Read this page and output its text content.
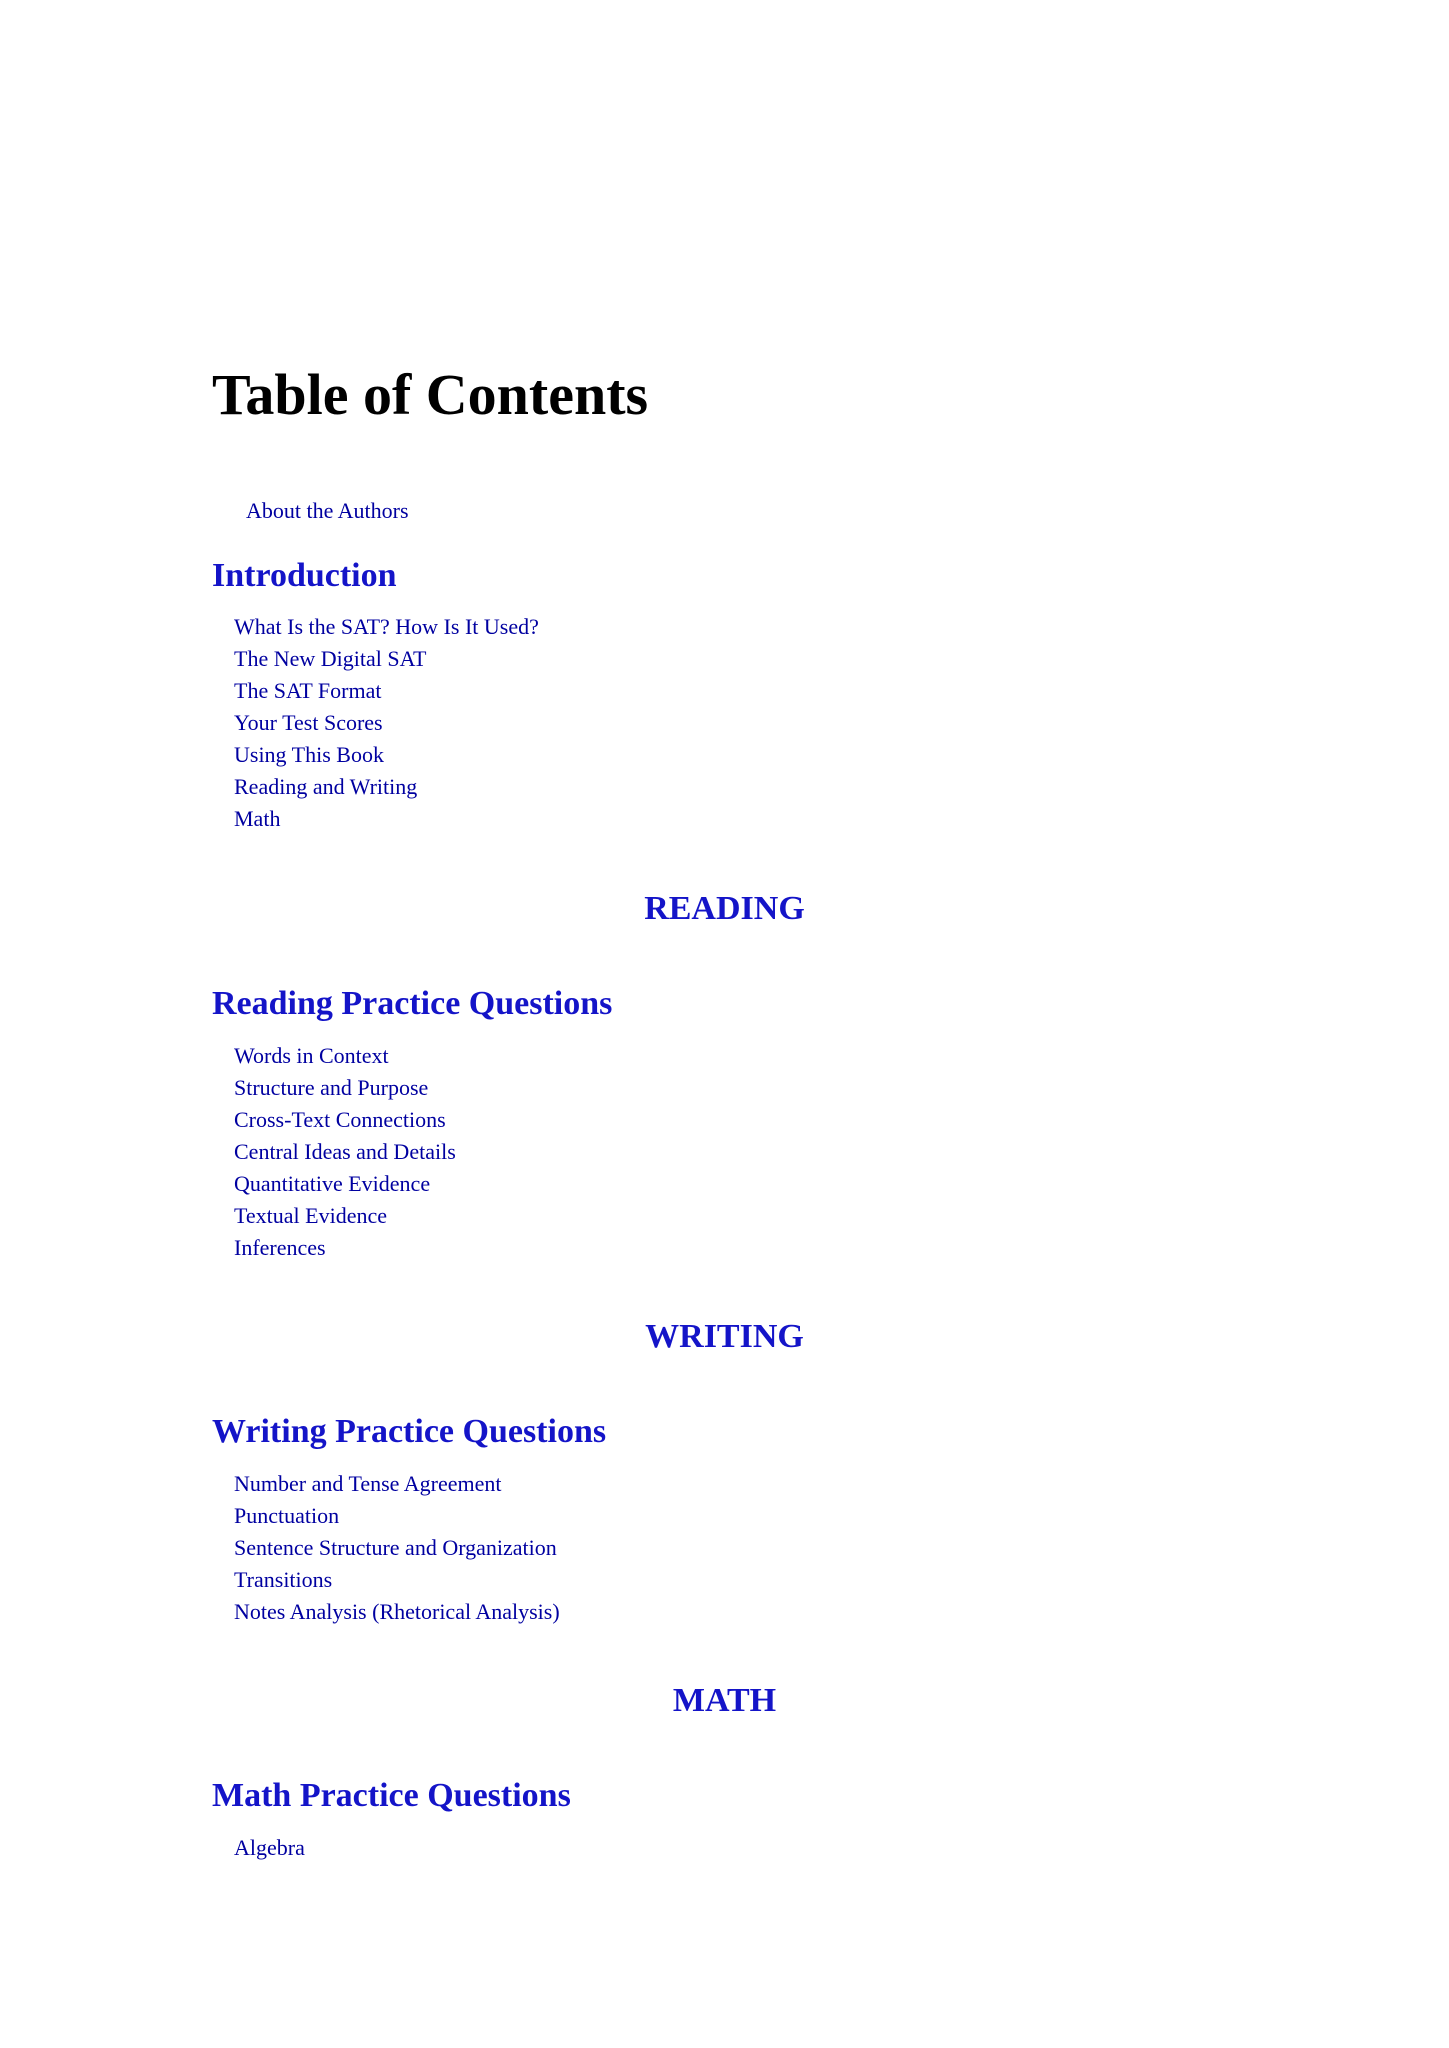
Table of Contents
About the Authors
Introduction
What Is the SAT? How Is It Used?
The New Digital SAT
The SAT Format
Your Test Scores
Using This Book
Reading and Writing
Math
READING
Reading Practice Questions
Words in Context
Structure and Purpose
Cross-Text Connections
Central Ideas and Details
Quantitative Evidence
Textual Evidence
Inferences
WRITING
Writing Practice Questions
Number and Tense Agreement
Punctuation
Sentence Structure and Organization
Transitions
Notes Analysis (Rhetorical Analysis)
MATH
Math Practice Questions
Algebra
